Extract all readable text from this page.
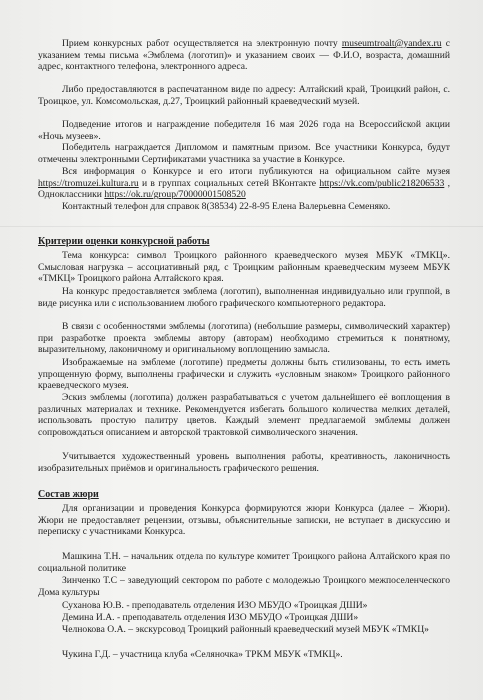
Прием конкурсных работ осуществляется на электронную почту museumtroalt@yandex.ru с указанием темы письма «Эмблема (логотип)» и указанием своих — Ф.И.О, возраста, домашний адрес, контактного телефона, электронного адреса.

Либо предоставляются в распечатанном виде по адресу: Алтайский край, Троицкий район, с. Троицкое, ул. Комсомольская, д.27, Троицкий районный краеведческий музей.

Подведение итогов и награждение победителя 16 мая 2026 года на Всероссийской акции «Ночь музеев».

Победитель награждается Дипломом и памятным призом. Все участники Конкурса, будут отмечены электронными Сертификатами участника за участие в Конкурсе.

Вся информация о Конкурсе и его итоги публикуются на официальном сайте музея https://tromuzei.kultura.ru и в группах социальных сетей ВКонтакте https://vk.com/public218206533 , Одноклассники https://ok.ru/group/70000001508520

Контактный телефон для справок 8(38534) 22-8-95 Елена Валерьевна Семеняко.

Критерии оценки конкурсной работы

Тема конкурса: символ Троицкого районного краеведческого музея МБУК «ТМКЦ». Смысловая нагрузка – ассоциативный ряд, с Троицким районным краеведческим музеем МБУК «ТМКЦ» Троицкого района Алтайского края.

На конкурс предоставляется эмблема (логотип), выполненная индивидуально или группой, в виде рисунка или с использованием любого графического компьютерного редактора.

В связи с особенностями эмблемы (логотипа) (небольшие размеры, символический характер) при разработке проекта эмблемы автору (авторам) необходимо стремиться к понятному, выразительному, лаконичному и оригинальному воплощению замысла.

Изображаемые на эмблеме (логотипе) предметы должны быть стилизованы, то есть иметь упрощенную форму, выполнены графически и служить «условным знаком» Троицкого районного краеведческого музея.

Эскиз эмблемы (логотипа) должен разрабатываться с учетом дальнейшего её воплощения в различных материалах и технике. Рекомендуется избегать большого количества мелких деталей, использовать простую палитру цветов. Каждый элемент предлагаемой эмблемы должен сопровождаться описанием и авторской трактовкой символического значения.

Учитывается художественный уровень выполнения работы, креативность, лаконичность изобразительных приёмов и оригинальность графического решения.

Состав жюри

Для организации и проведения Конкурса формируются жюри Конкурса (далее – Жюри). Жюри не предоставляет рецензии, отзывы, объяснительные записки, не вступает в дискуссию и переписку с участниками Конкурса.

Машкина Т.Н. – начальник отдела по культуре комитет Троицкого района Алтайского края по социальной политике

Зинченко Т.С – заведующий сектором по работе с молодежью Троицкого межпоселенческого Дома культуры

Суханова Ю.В. - преподаватель отделения ИЗО МБУДО «Троицкая ДШИ»

Демина И.А. - преподаватель отделения ИЗО МБУДО «Троицкая ДШИ»

Челнокова О.А. – экскурсовод Троицкий районный краеведческий музей МБУК «ТМКЦ»

Чукина Г.Д. – участница клуба «Селяночка» ТРКМ МБУК «ТМКЦ».
